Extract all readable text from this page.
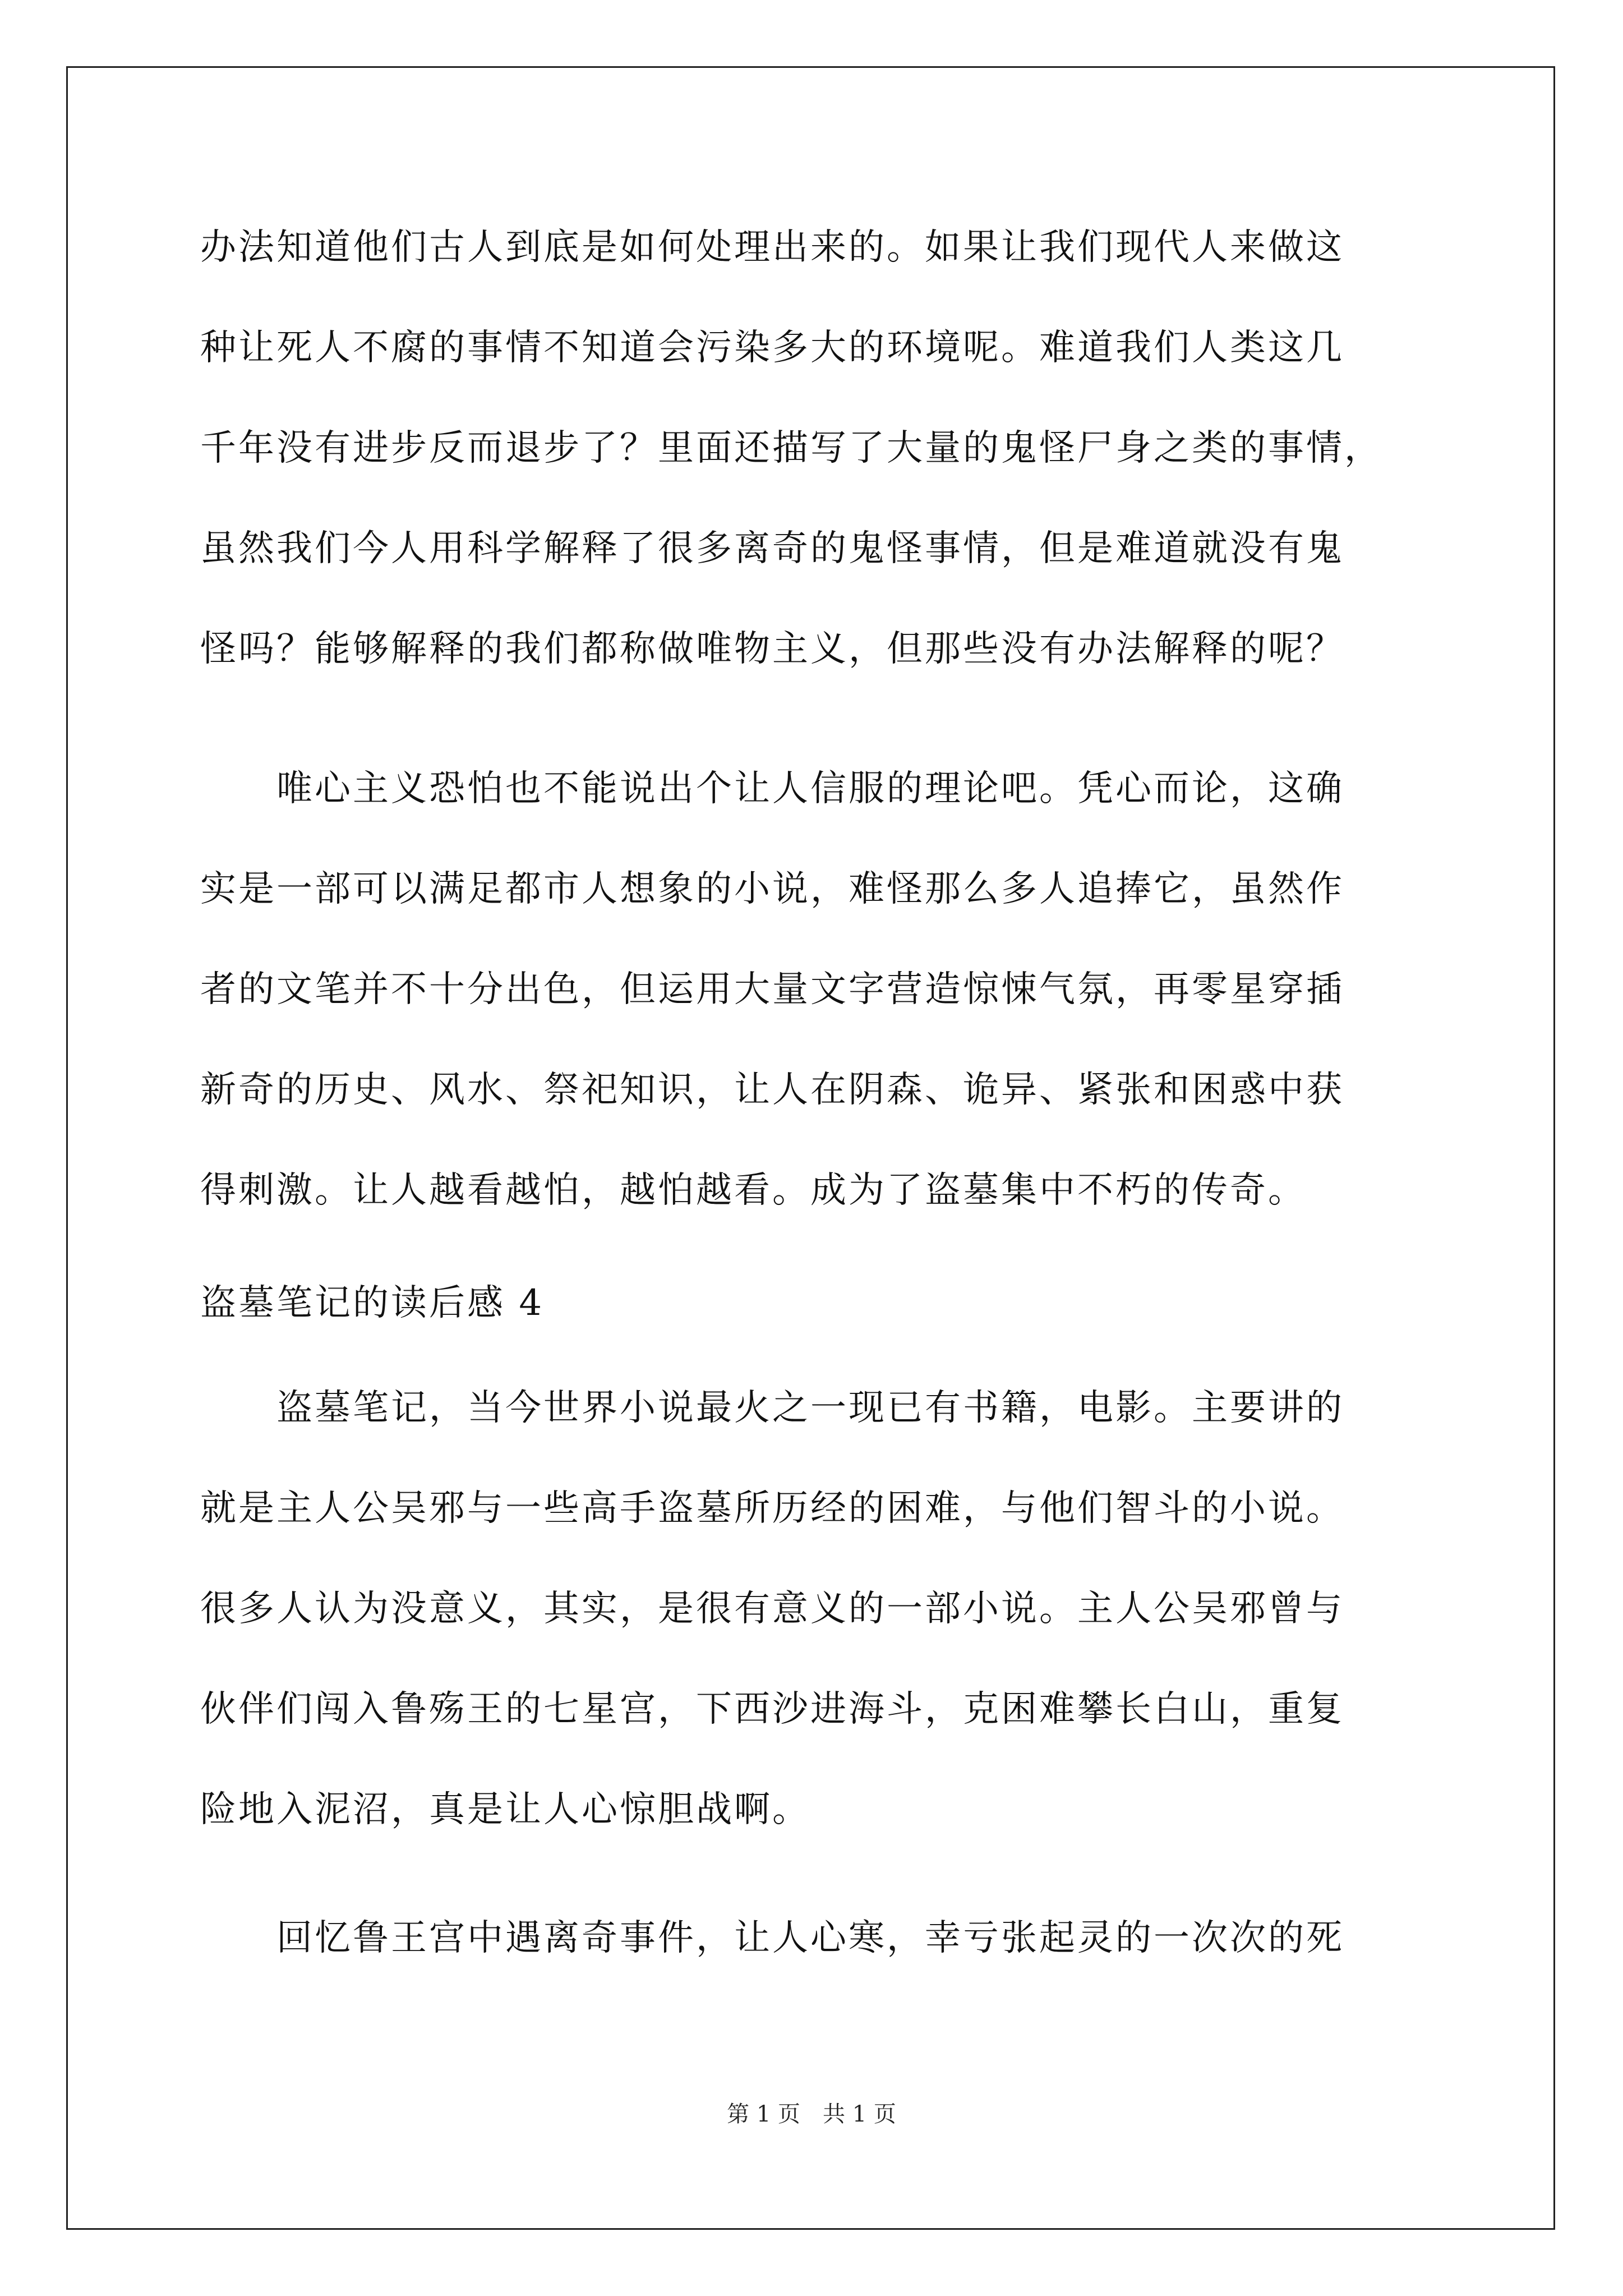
办法知道他们古人到底是如何处理出来的。如果让我们现代人来做这
种让死人不腐的事情不知道会污染多大的环境呢。难道我们人类这几
千年没有进步反而退步了？里面还描写了大量的鬼怪尸身之类的事情，
虽然我们今人用科学解释了很多离奇的鬼怪事情，但是难道就没有鬼
怪吗？能够解释的我们都称做唯物主义，但那些没有办法解释的呢？
　　唯心主义恐怕也不能说出个让人信服的理论吧。凭心而论，这确
实是一部可以满足都市人想象的小说，难怪那么多人追捧它，虽然作
者的文笔并不十分出色，但运用大量文字营造惊悚气氛，再零星穿插
新奇的历史、风水、祭祀知识，让人在阴森、诡异、紧张和困惑中获
得刺激。让人越看越怕，越怕越看。成为了盗墓集中不朽的传奇。
盗墓笔记的读后感 4
　　盗墓笔记，当今世界小说最火之一现已有书籍，电影。主要讲的
就是主人公吴邪与一些高手盗墓所历经的困难，与他们智斗的小说。
很多人认为没意义，其实，是很有意义的一部小说。主人公吴邪曾与
伙伴们闯入鲁殇王的七星宫，下西沙进海斗，克困难攀长白山，重复
险地入泥沼，真是让人心惊胆战啊。
　　回忆鲁王宫中遇离奇事件，让人心寒，幸亏张起灵的一次次的死
第 1 页　共 1 页
